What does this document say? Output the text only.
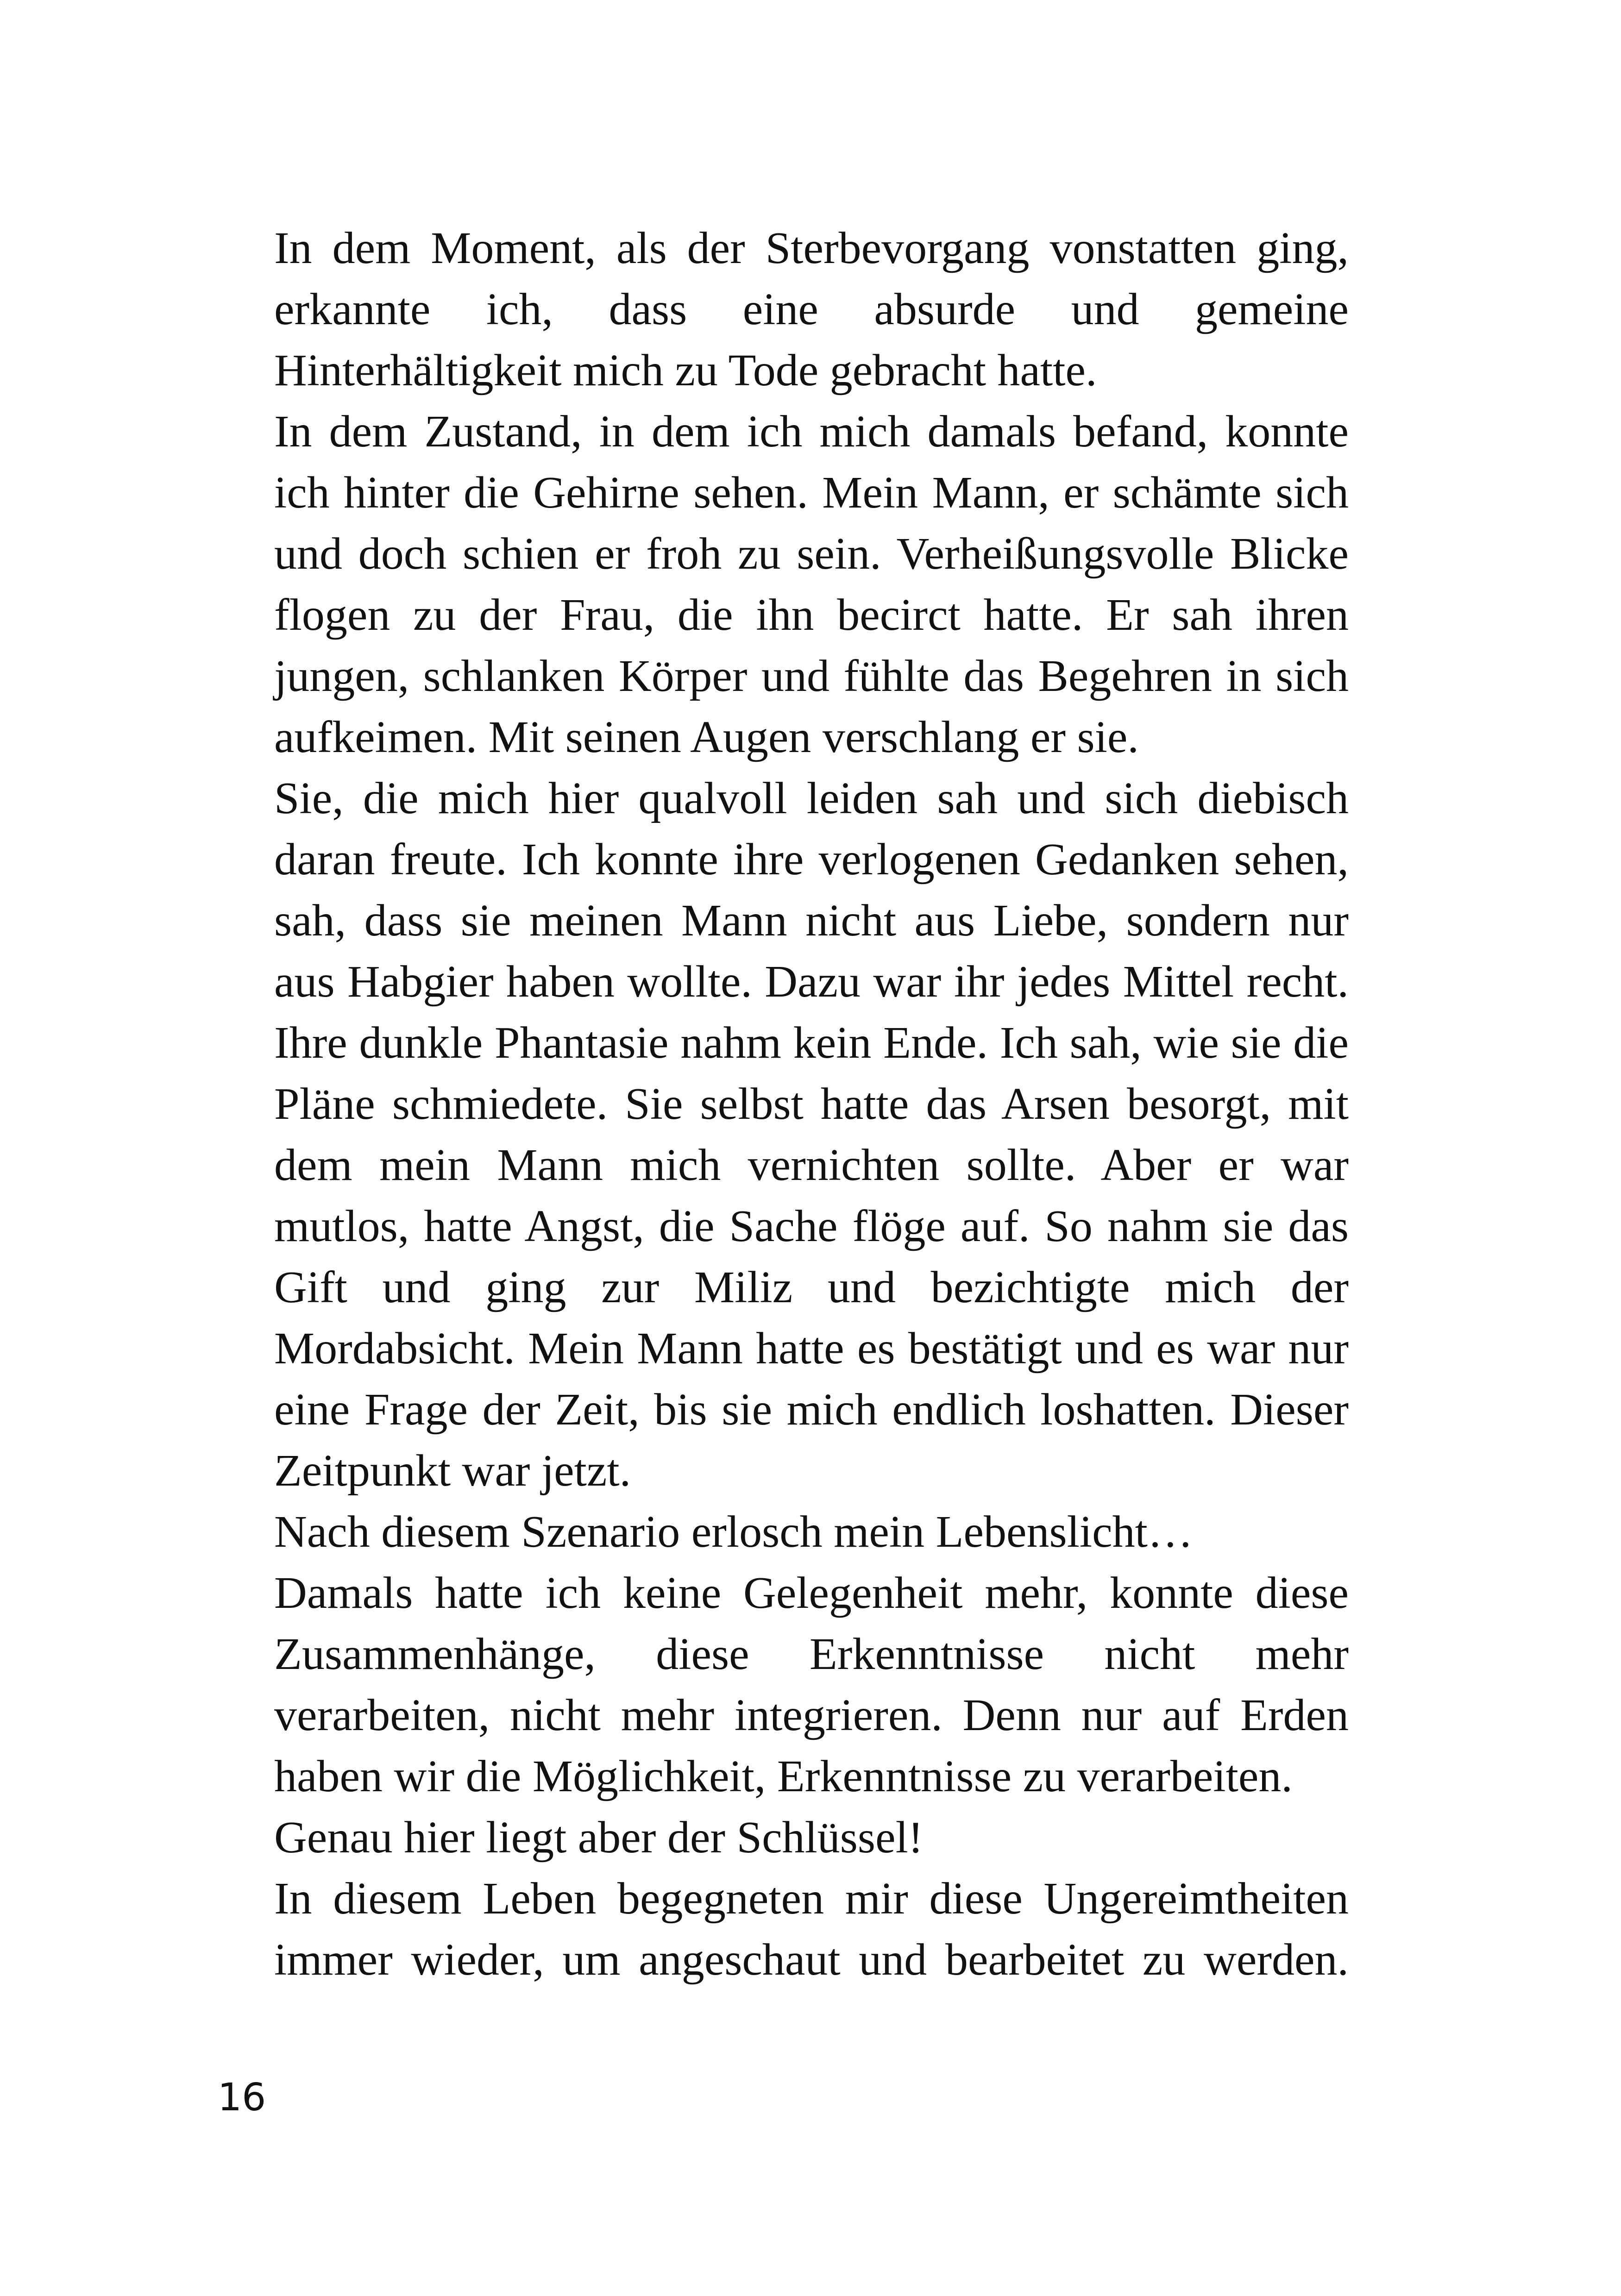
In dem Moment, als der Sterbevorgang vonstatten ging, erkannte ich, dass eine absurde und gemeine Hinterhältigkeit mich zu Tode gebracht hatte.

In dem Zustand, in dem ich mich damals befand, konnte ich hinter die Gehirne sehen. Mein Mann, er schämte sich und doch schien er froh zu sein. Verheißungsvolle Blicke flogen zu der Frau, die ihn becirct hatte. Er sah ihren jungen, schlanken Körper und fühlte das Begehren in sich aufkeimen. Mit seinen Augen verschlang er sie.

Sie, die mich hier qualvoll leiden sah und sich diebisch daran freute. Ich konnte ihre verlogenen Gedanken sehen, sah, dass sie meinen Mann nicht aus Liebe, sondern nur aus Habgier haben wollte. Dazu war ihr jedes Mittel recht. Ihre dunkle Phantasie nahm kein Ende. Ich sah, wie sie die Pläne schmiedete. Sie selbst hatte das Arsen besorgt, mit dem mein Mann mich vernichten sollte. Aber er war mutlos, hatte Angst, die Sache flöge auf. So nahm sie das Gift und ging zur Miliz und bezichtigte mich der Mordabsicht. Mein Mann hatte es bestätigt und es war nur eine Frage der Zeit, bis sie mich endlich loshatten. Dieser Zeitpunkt war jetzt.

Nach diesem Szenario erlosch mein Lebenslicht…

Damals hatte ich keine Gelegenheit mehr, konnte diese Zusammenhänge, diese Erkenntnisse nicht mehr verarbeiten, nicht mehr integrieren. Denn nur auf Erden haben wir die Möglichkeit, Erkenntnisse zu verarbeiten.

Genau hier liegt aber der Schlüssel!

In diesem Leben begegneten mir diese Ungereimtheiten immer wieder, um angeschaut und bearbeitet zu werden.

16
